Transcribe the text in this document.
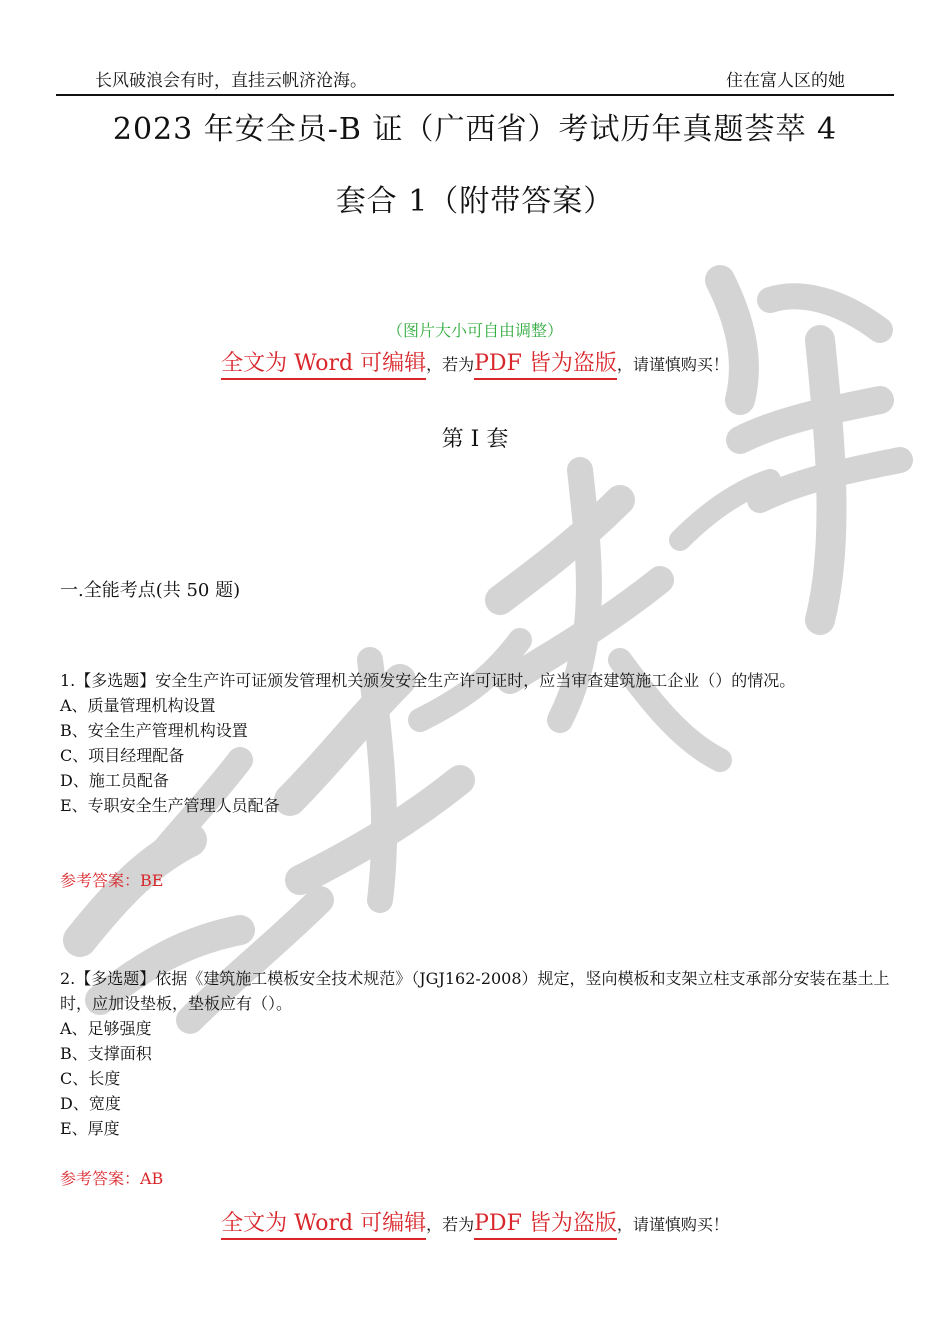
长风破浪会有时，直挂云帆济沧海。	住在富人区的她
2023 年安全员-B 证（广西省）考试历年真题荟萃 4
套合 1（附带答案）
（图片大小可自由调整）
全文为 Word 可编辑，若为PDF 皆为盗版，请谨慎购买！
第 I 套
一.全能考点(共 50 题)

1.【多选题】安全生产许可证颁发管理机关颁发安全生产许可证时，应当审查建筑施工企业（）的情况。

A、质量管理机构设置
B、安全生产管理机构设置
C、项目经理配备
D、施工员配备
E、专职安全生产管理人员配备
参考答案：BE

2.【多选题】依据《建筑施工模板安全技术规范》（JGJ162-2008）规定，竖向模板和支架立柱支承部分安装在基土上时，应加设垫板，垫板应有（）。

A、足够强度
B、支撑面积
C、长度
D、宽度
E、厚度
参考答案：AB
全文为 Word 可编辑，若为PDF 皆为盗版，请谨慎购买！
